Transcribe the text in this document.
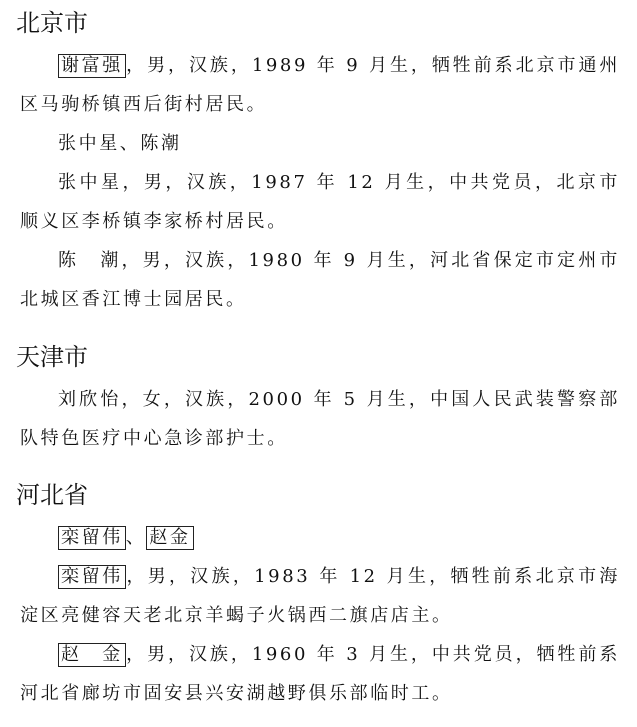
北京市

谢富强 ，男，汉族，1989 年 9 月生，牺牲前系北京市通州区马驹桥镇西后街村居民。

张中星、陈潮

张中星，男，汉族，1987 年 12 月生，中共党员，北京市顺义区李桥镇李家桥村居民。

陈　潮，男，汉族，1980 年 9 月生，河北省保定市定州市北城区香江博士园居民。

天津市

刘欣怡，女，汉族，2000 年 5 月生，中国人民武装警察部队特色医疗中心急诊部护士。

河北省

栾留伟 、 赵金

栾留伟 ，男，汉族，1983 年 12 月生，牺牲前系北京市海淀区亮健容天老北京羊蝎子火锅西二旗店店主。

赵　金 ，男，汉族，1960 年 3 月生，中共党员，牺牲前系河北省廊坊市固安县兴安湖越野俱乐部临时工。
